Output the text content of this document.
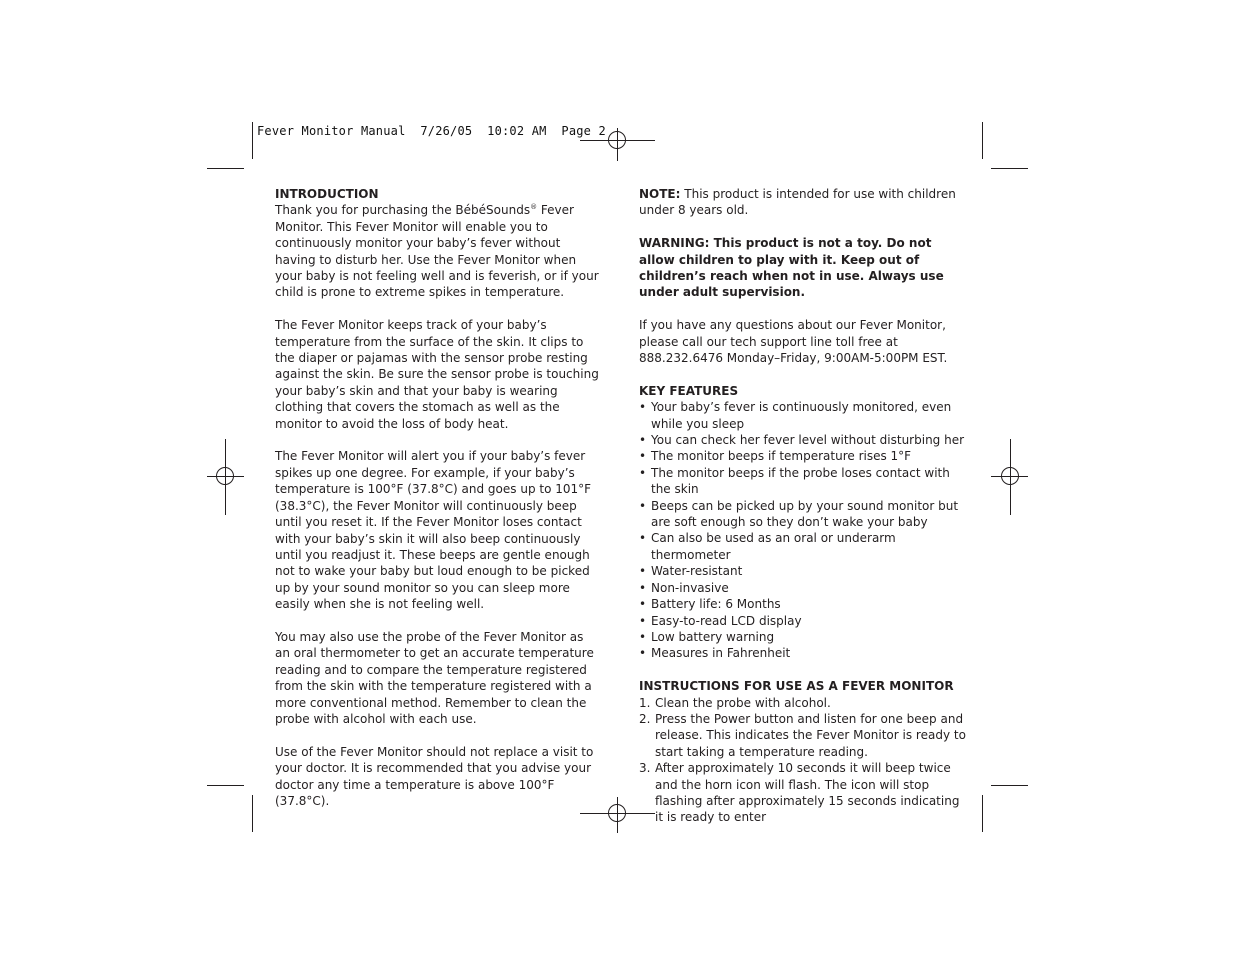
Fever Monitor Manual  7/26/05  10:02 AM  Page 2
INTRODUCTION

Thank you for purchasing the BébéSounds® Fever Monitor. This Fever Monitor will enable you to continuously monitor your baby’s fever without having to disturb her. Use the Fever Monitor when your baby is not feeling well and is feverish, or if your child is prone to extreme spikes in temperature.

The Fever Monitor keeps track of your baby’s temperature from the surface of the skin. It clips to the diaper or pajamas with the sensor probe resting against the skin. Be sure the sensor probe is touching your baby’s skin and that your baby is wearing clothing that covers the stomach as well as the monitor to avoid the loss of body heat.

The Fever Monitor will alert you if your baby’s fever spikes up one degree. For example, if your baby’s temperature is 100°F (37.8°C) and goes up to 101°F (38.3°C), the Fever Monitor will continuously beep until you reset it. If the Fever Monitor loses contact with your baby’s skin it will also beep continuously until you readjust it. These beeps are gentle enough not to wake your baby but loud enough to be picked up by your sound monitor so you can sleep more easily when she is not feeling well.

You may also use the probe of the Fever Monitor as an oral thermometer to get an accurate temperature reading and to compare the temperature registered from the skin with the temperature registered with a more conventional method. Remember to clean the probe with alcohol with each use.

Use of the Fever Monitor should not replace a visit to your doctor. It is recommended that you advise your doctor any time a temperature is above 100°F (37.8°C).

NOTE: This product is intended for use with children under 8 years old.

WARNING: This product is not a toy. Do not allow children to play with it. Keep out of children’s reach when not in use. Always use under adult supervision.

If you have any questions about our Fever Monitor, please call our tech support line toll free at 888.232.6476 Monday–Friday, 9:00AM-5:00PM EST.

KEY FEATURES
• Your baby’s fever is continuously monitored, even while you sleep
• You can check her fever level without disturbing her
• The monitor beeps if temperature rises 1°F
• The monitor beeps if the probe loses contact with the skin
• Beeps can be picked up by your sound monitor but are soft enough so they don’t wake your baby
• Can also be used as an oral or underarm thermometer
• Water-resistant
• Non-invasive
• Battery life: 6 Months
• Easy-to-read LCD display
• Low battery warning
• Measures in Fahrenheit
INSTRUCTIONS FOR USE AS A FEVER MONITOR
1. Clean the probe with alcohol.
2. Press the Power button and listen for one beep and release. This indicates the Fever Monitor is ready to start taking a temperature reading.
3. After approximately 10 seconds it will beep twice and the horn icon will flash. The icon will stop flashing after approximately 15 seconds indicating it is ready to enter
